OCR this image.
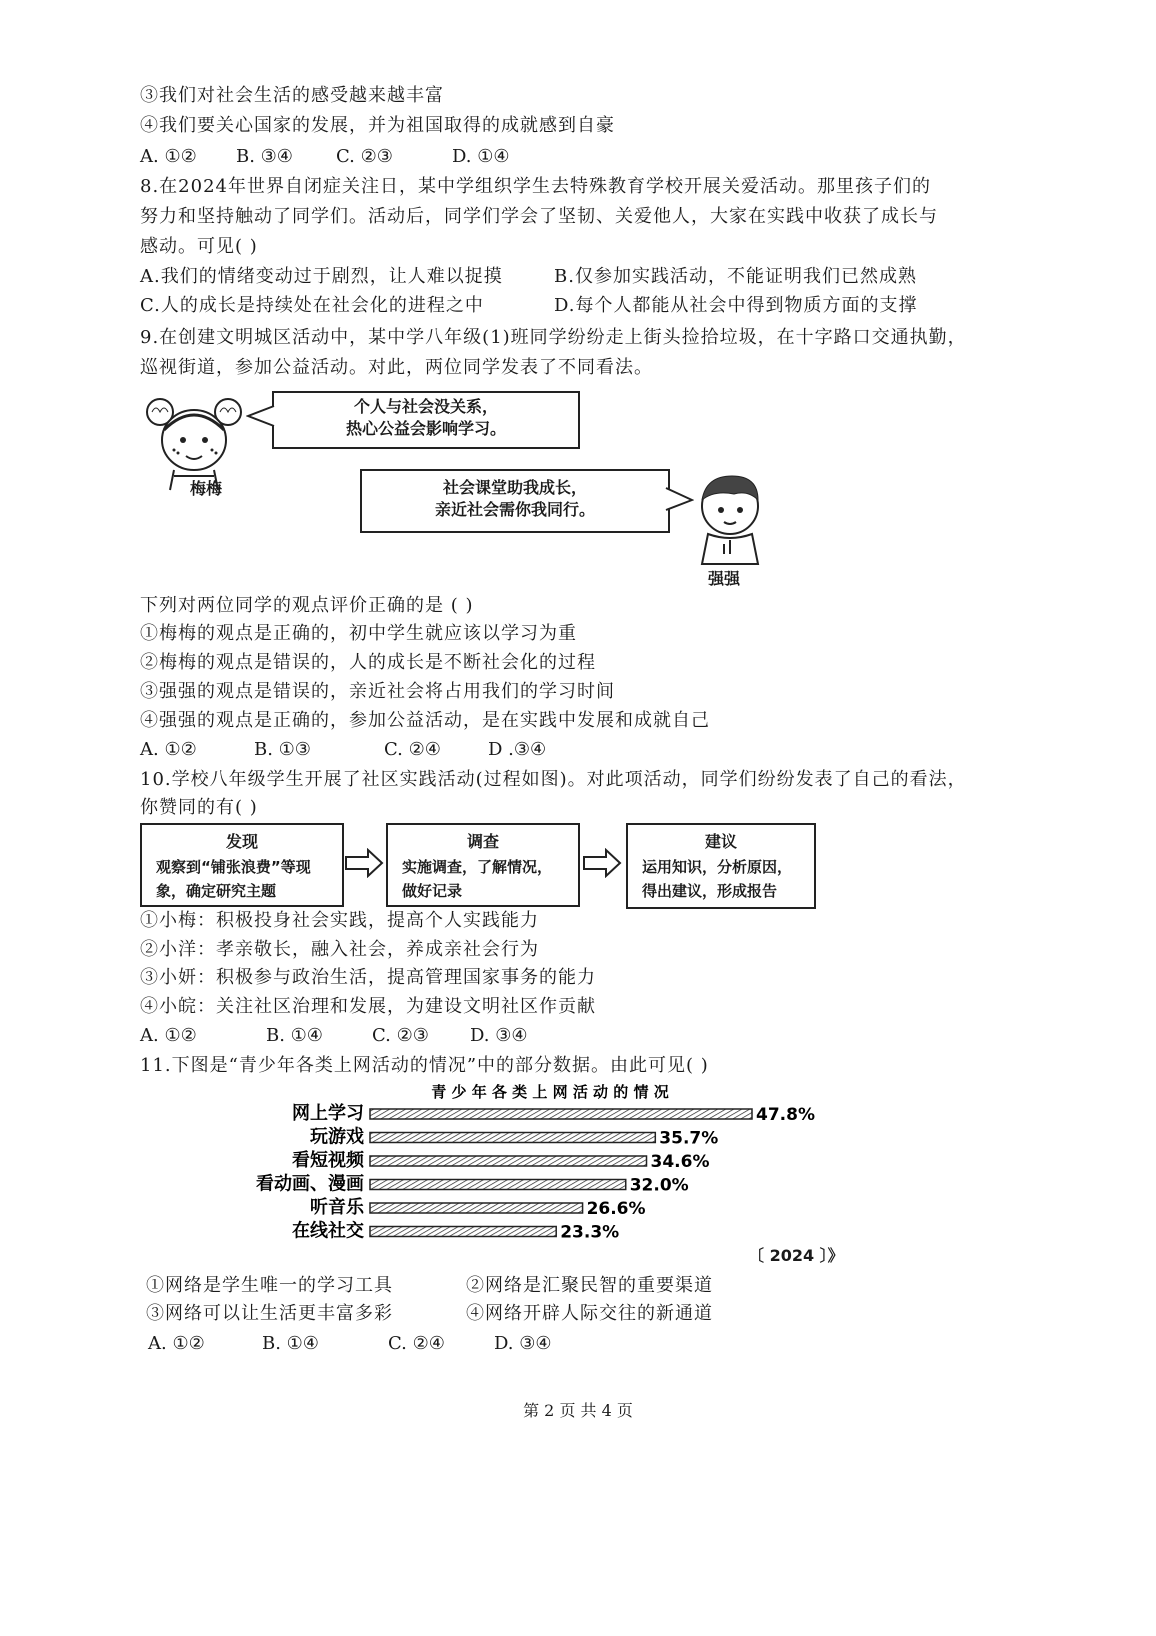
③我们对社会生活的感受越来越丰富
④我们要关心国家的发展，并为祖国取得的成就感到自豪
A. ①② B. ③④ C. ②③	D. ①④
8.在2024年世界自闭症关注日，某中学组织学生去特殊教育学校开展关爱活动。那里孩子们的
努力和坚持触动了同学们。活动后，同学们学会了坚韧、关爱他人，大家在实践中收获了成长与
感动。可见( )
A.我们的情绪变动过于剧烈，让人难以捉摸	B.仅参加实践活动，不能证明我们已然成熟
C.人的成长是持续处在社会化的进程之中	D.每个人都能从社会中得到物质方面的支撑
9.在创建文明城区活动中，某中学八年级(1)班同学纷纷走上街头捡拾垃圾，在十字路口交通执勤，
巡视街道，参加公益活动。对此，两位同学发表了不同看法。
梅梅
个人与社会没关系，
热心公益会影响学习。
社会课堂助我成长，
亲近社会需你我同行。
强强
下列对两位同学的观点评价正确的是 ( )
①梅梅的观点是正确的，初中学生就应该以学习为重
②梅梅的观点是错误的，人的成长是不断社会化的过程
③强强的观点是错误的，亲近社会将占用我们的学习时间
④强强的观点是正确的，参加公益活动，是在实践中发展和成就自己
A. ①②	B. ①③	C. ②④	D .③④
10.学校八年级学生开展了社区实践活动(过程如图)。对此项活动，同学们纷纷发表了自己的看法，
你赞同的有( )
发现
观察到“铺张浪费”等现
象，确定研究主题
调查
实施调查，了解情况，
做好记录
建议
运用知识，分析原因，
得出建议，形成报告
①小梅：积极投身社会实践，提高个人实践能力
②小洋：孝亲敬长，融入社会，养成亲社会行为
③小妍：积极参与政治生活，提高管理国家事务的能力
④小皖：关注社区治理和发展，为建设文明社区作贡献
A. ①②	B. ①④	C. ②③ D. ③④
11.下图是“青少年各类上网活动的情况”中的部分数据。由此可见( )
青 少 年 各 类 上 网 活 动 的 情 况
网上学习	47.8%
玩游戏	35.7%
看短视频	34.6%
看动画、漫画	32.0%
听音乐	26.6%
在线社交	23.3%
〔 2024 〕》
①网络是学生唯一的学习工具	②网络是汇聚民智的重要渠道
③网络可以让生活更丰富多彩	④网络开辟人际交往的新通道
A. ①②	B. ①④	C. ②④	D. ③④
第 2 页 共 4 页
